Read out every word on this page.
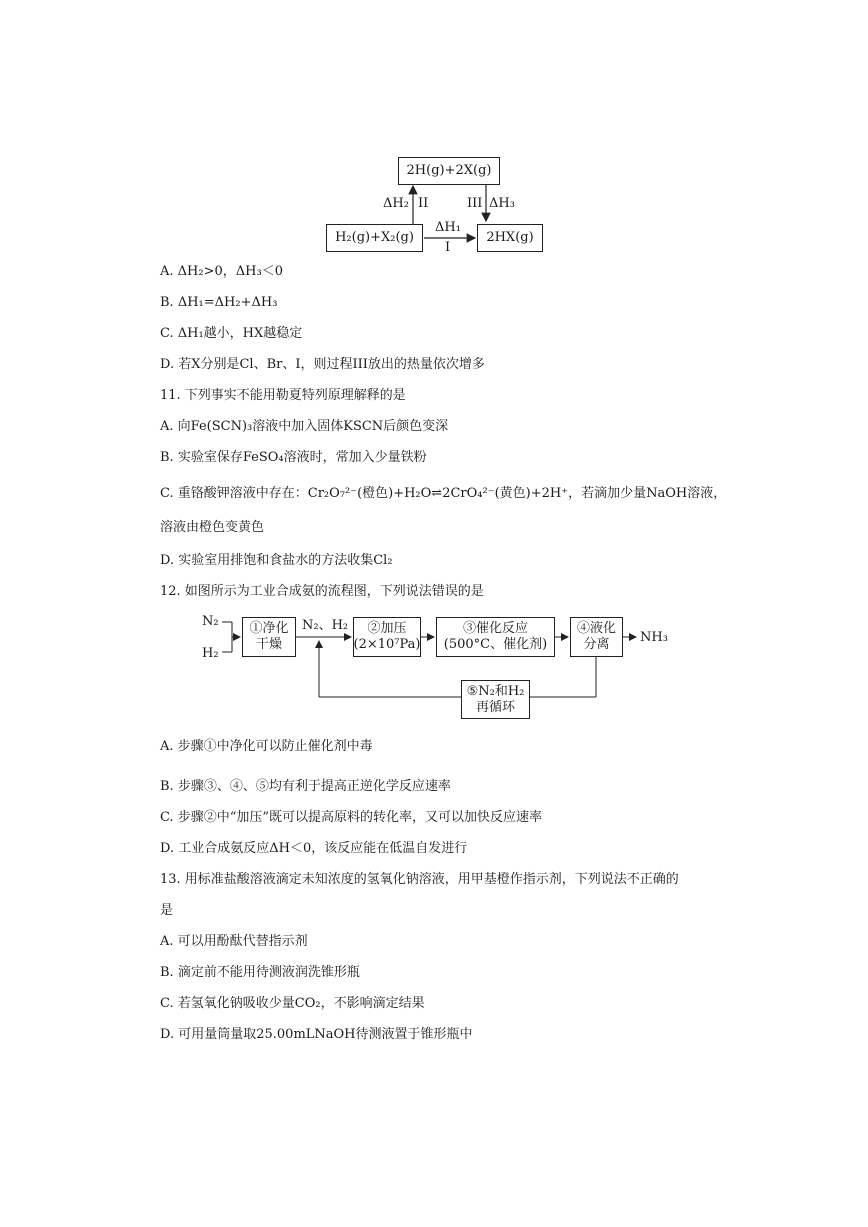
2H(g)+2X(g)
H₂(g)+X₂(g)	2HX(g)
ΔH₂ II	III ΔH₃
ΔH₁
I
A. ΔH₂>0，ΔH₃＜0
B. ΔH₁=ΔH₂+ΔH₃
C. ΔH₁越小，HX越稳定
D. 若X分别是Cl、Br、I，则过程III放出的热量依次增多
11. 下列事实不能用勒夏特列原理解释的是
A. 向Fe(SCN)₃溶液中加入固体KSCN后颜色变深
B. 实验室保存FeSO₄溶液时，常加入少量铁粉
C. 重铬酸钾溶液中存在：Cr₂O₇²⁻(橙色)+H₂O⇌2CrO₄²⁻(黄色)+2H⁺，若滴加少量NaOH溶液，
溶液由橙色变黄色
D. 实验室用排饱和食盐水的方法收集Cl₂
12. 如图所示为工业合成氨的流程图，下列说法错误的是
N₂
H₂
①净化
干燥
N₂、H₂ ②加压
(2×10⁷Pa)
③催化反应
(500°C、催化剂)
④液化
分离 NH₃
⑤N₂和H₂
再循环
A. 步骤①中净化可以防止催化剂中毒
B. 步骤③、④、⑤均有利于提高正逆化学反应速率
C. 步骤②中“加压”既可以提高原料的转化率，又可以加快反应速率
D. 工业合成氨反应ΔH＜0，该反应能在低温自发进行
13. 用标准盐酸溶液滴定未知浓度的氢氧化钠溶液，用甲基橙作指示剂，下列说法不正确的
是
A. 可以用酚酞代替指示剂
B. 滴定前不能用待测液润洗锥形瓶
C. 若氢氧化钠吸收少量CO₂，不影响滴定结果
D. 可用量筒量取25.00mLNaOH待测液置于锥形瓶中
